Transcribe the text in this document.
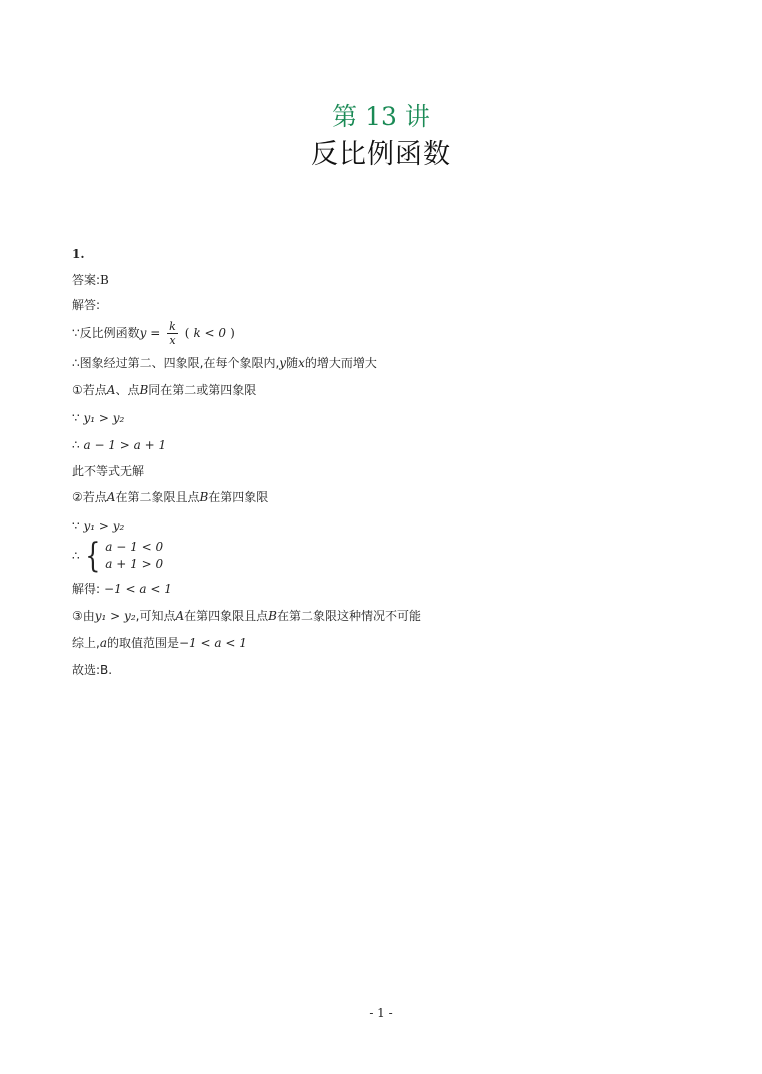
第 13 讲
反比例函数
1.
答案:B
解答:
∵反比例函数$y = \frac{k}{x}$ ( k < 0 )
∴图象经过第二、四象限,在每个象限内,y随x的增大而增大
①若点A、点B同在第二或第四象限
∵ y₁ > y₂
∴ a − 1 > a + 1
此不等式无解
②若点A在第二象限且点B在第四象限
∵ y₁ > y₂
∴ { a − 1 < 0
a + 1 > 0
解得: −1 < a < 1
③由y₁ > y₂,可知点A在第四象限且点B在第二象限这种情况不可能
综上,a的取值范围是−1 < a < 1
故选:B.
- 1 -
